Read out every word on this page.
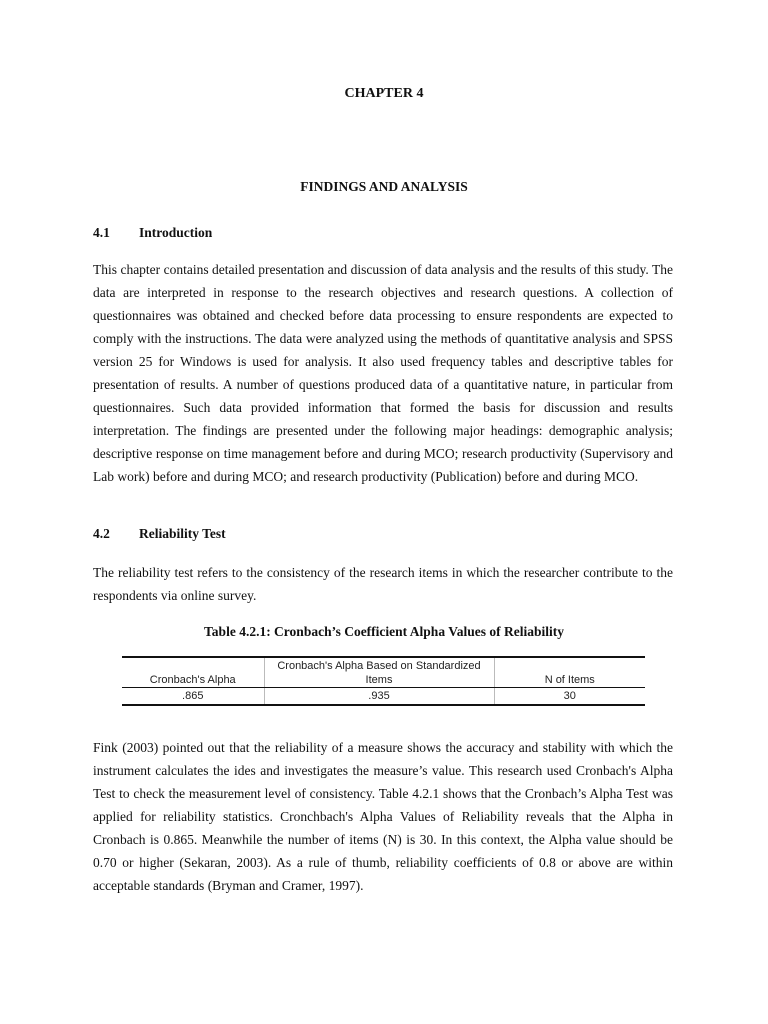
CHAPTER 4
FINDINGS AND ANALYSIS
4.1 Introduction

This chapter contains detailed presentation and discussion of data analysis and the results of this study. The data are interpreted in response to the research objectives and research questions. A collection of questionnaires was obtained and checked before data processing to ensure respondents are expected to comply with the instructions. The data were analyzed using the methods of quantitative analysis and SPSS version 25 for Windows is used for analysis. It also used frequency tables and descriptive tables for presentation of results. A number of questions produced data of a quantitative nature, in particular from questionnaires. Such data provided information that formed the basis for discussion and results interpretation. The findings are presented under the following major headings: demographic analysis; descriptive response on time management before and during MCO; research productivity (Supervisory and Lab work) before and during MCO; and research productivity (Publication) before and during MCO.

4.2 Reliability Test

The reliability test refers to the consistency of the research items in which the researcher contribute to the respondents via online survey.

Table 4.2.1: Cronbach’s Coefficient Alpha Values of Reliability
Cronbach's Alpha	Cronbach's Alpha Based on Standardized Items	N of Items
.865	.935	30

Fink (2003) pointed out that the reliability of a measure shows the accuracy and stability with which the instrument calculates the ides and investigates the measure’s value. This research used Cronbach's Alpha Test to check the measurement level of consistency. Table 4.2.1 shows that the Cronbach’s Alpha Test was applied for reliability statistics. Cronchbach's Alpha Values of Reliability reveals that the Alpha in Cronbach is 0.865. Meanwhile the number of items (N) is 30. In this context, the Alpha value should be 0.70 or higher (Sekaran, 2003). As a rule of thumb, reliability coefficients of 0.8 or above are within acceptable standards (Bryman and Cramer, 1997).
